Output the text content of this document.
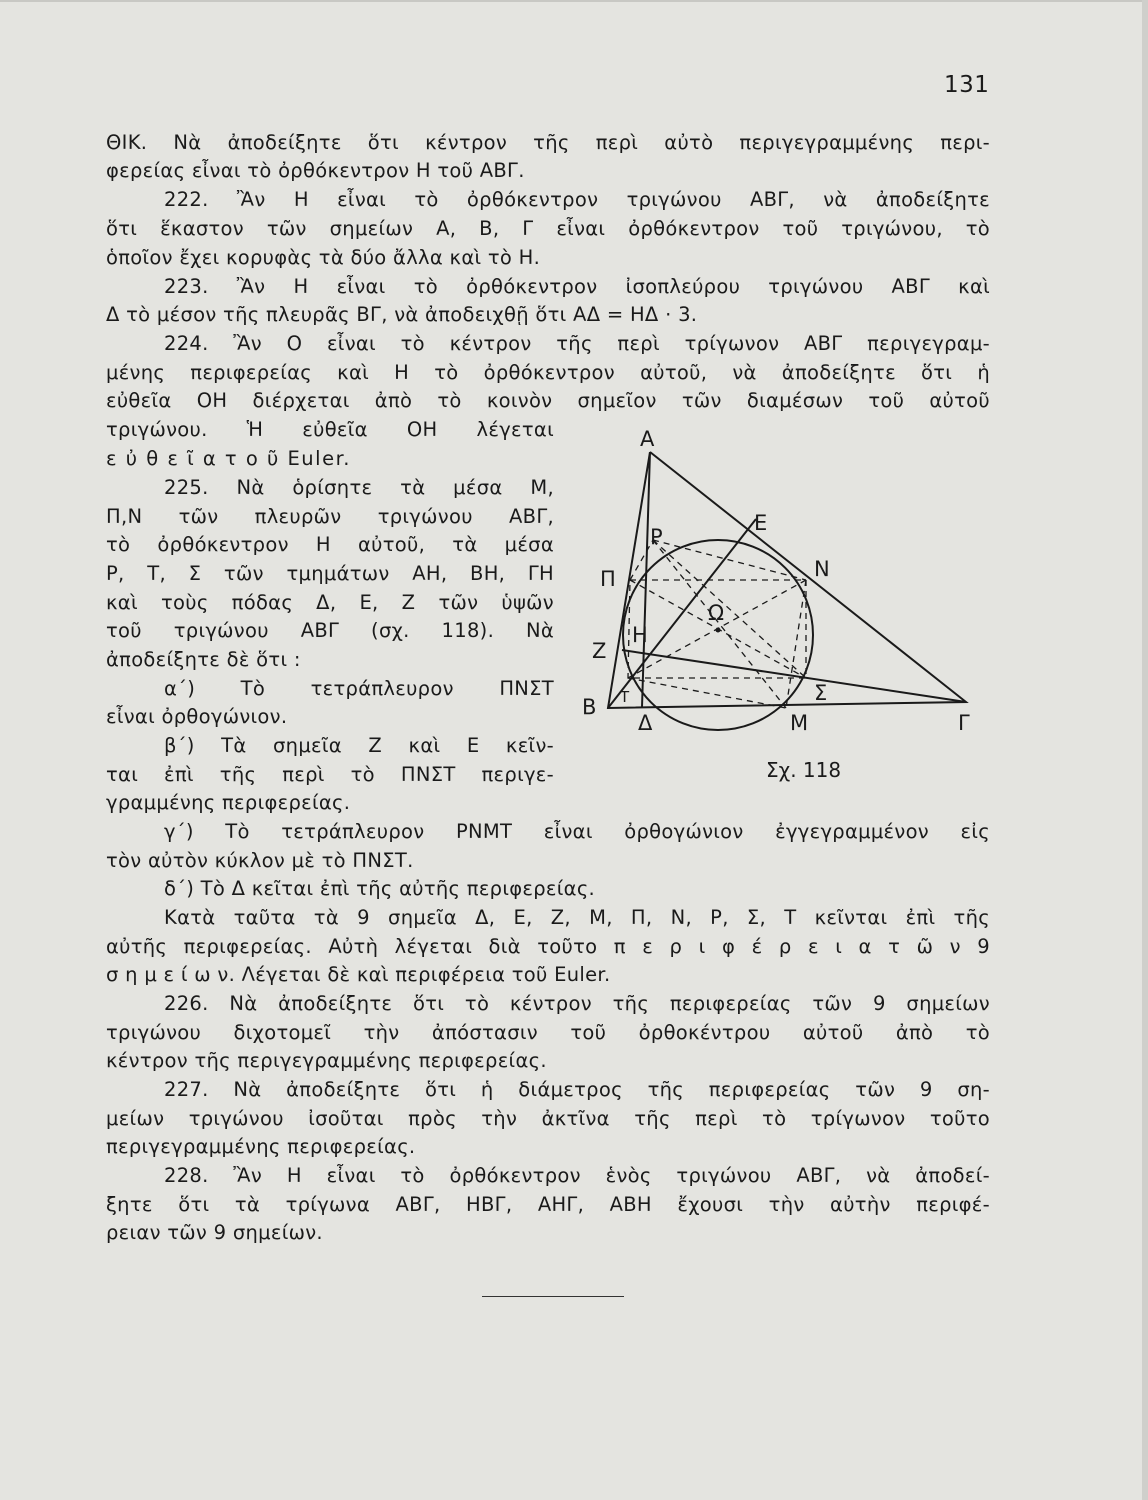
131
ΘΙΚ. Νὰ ἀποδείξητε ὅτι κέντρον τῆς περὶ αὐτὸ περιγεγραμμένης περι-
φερείας εἶναι τὸ ὀρθόκεντρον Η τοῦ ΑΒΓ.
222. Ἂν Η εἶναι τὸ ὀρθόκεντρον τριγώνου ΑΒΓ, νὰ ἀποδείξητε
ὅτι ἕκαστον τῶν σημείων Α, Β, Γ εἶναι ὀρθόκεντρον τοῦ τριγώνου, τὸ
ὁποῖον ἔχει κορυφὰς τὰ δύο ἄλλα καὶ τὸ Η.
223. Ἂν Η εἶναι τὸ ὀρθόκεντρον ἰσοπλεύρου τριγώνου ΑΒΓ καὶ
Δ τὸ μέσον τῆς πλευρᾶς ΒΓ, νὰ ἀποδειχθῇ ὅτι ΑΔ = ΗΔ · 3.
224. Ἂν Ο εἶναι τὸ κέντρον τῆς περὶ τρίγωνον ΑΒΓ περιγεγραμ-
μένης περιφερείας καὶ Η τὸ ὀρθόκεντρον αὐτοῦ, νὰ ἀποδείξητε ὅτι ἡ
εὐθεῖα ΟΗ διέρχεται ἀπὸ τὸ κοινὸν σημεῖον τῶν διαμέσων τοῦ αὐτοῦ
τριγώνου. Ἡ εὐθεῖα ΟΗ λέγεται
ε ὐ θ ε ῖ α τ ο ῦ Euler.
225. Νὰ ὁρίσητε τὰ μέσα Μ,
Π,Ν τῶν πλευρῶν τριγώνου ΑΒΓ,
τὸ ὀρθόκεντρον Η αὐτοῦ, τὰ μέσα
Ρ, Τ, Σ τῶν τμημάτων ΑΗ, ΒΗ, ΓΗ
καὶ τοὺς πόδας Δ, Ε, Ζ τῶν ὑψῶν
τοῦ τριγώνου ΑΒΓ (σχ. 118). Νὰ
ἀποδείξητε δὲ ὅτι :
α΄) Τὸ τετράπλευρον ΠΝΣΤ
εἶναι ὀρθογώνιον.
β΄) Τὰ σημεῖα Ζ καὶ Ε κεῖν-
ται ἐπὶ τῆς περὶ τὸ ΠΝΣΤ περιγε-
γραμμένης περιφερείας.
γ΄) Τὸ τετράπλευρον ΡΝΜΤ εἶναι ὀρθογώνιον ἐγγεγραμμένον εἰς
τὸν αὐτὸν κύκλον μὲ τὸ ΠΝΣΤ.
δ΄) Τὸ Δ κεῖται ἐπὶ τῆς αὐτῆς περιφερείας.
Κατὰ ταῦτα τὰ 9 σημεῖα Δ, Ε, Ζ, Μ, Π, Ν, Ρ, Σ, Τ κεῖνται ἐπὶ τῆς
αὐτῆς περιφερείας. Αὐτὴ λέγεται διὰ τοῦτο π ε ρ ι φ έ ρ ε ι α τ ῶ ν 9
σ η μ ε ί ω ν. Λέγεται δὲ καὶ περιφέρεια τοῦ Euler.
226. Νὰ ἀποδείξητε ὅτι τὸ κέντρον τῆς περιφερείας τῶν 9 σημείων
τριγώνου διχοτομεῖ τὴν ἀπόστασιν τοῦ ὀρθοκέντρου αὐτοῦ ἀπὸ τὸ
κέντρον τῆς περιγεγραμμένης περιφερείας.
227. Νὰ ἀποδείξητε ὅτι ἡ διάμετρος τῆς περιφερείας τῶν 9 ση-
μείων τριγώνου ἰσοῦται πρὸς τὴν ἀκτῖνα τῆς περὶ τὸ τρίγωνον τοῦτο
περιγεγραμμένης περιφερείας.
228. Ἂν Η εἶναι τὸ ὀρθόκεντρον ἑνὸς τριγώνου ΑΒΓ, νὰ ἀποδεί-
ξητε ὅτι τὰ τρίγωνα ΑΒΓ, ΗΒΓ, ΑΗΓ, ΑΒΗ ἔχουσι τὴν αὐτὴν περιφέ-
ρειαν τῶν 9 σημείων.
Α
Β
Γ
Δ
Ε
Ζ
Η
Μ
Ν
Π
Ρ
Σ
Τ
Ω
Σχ. 118
